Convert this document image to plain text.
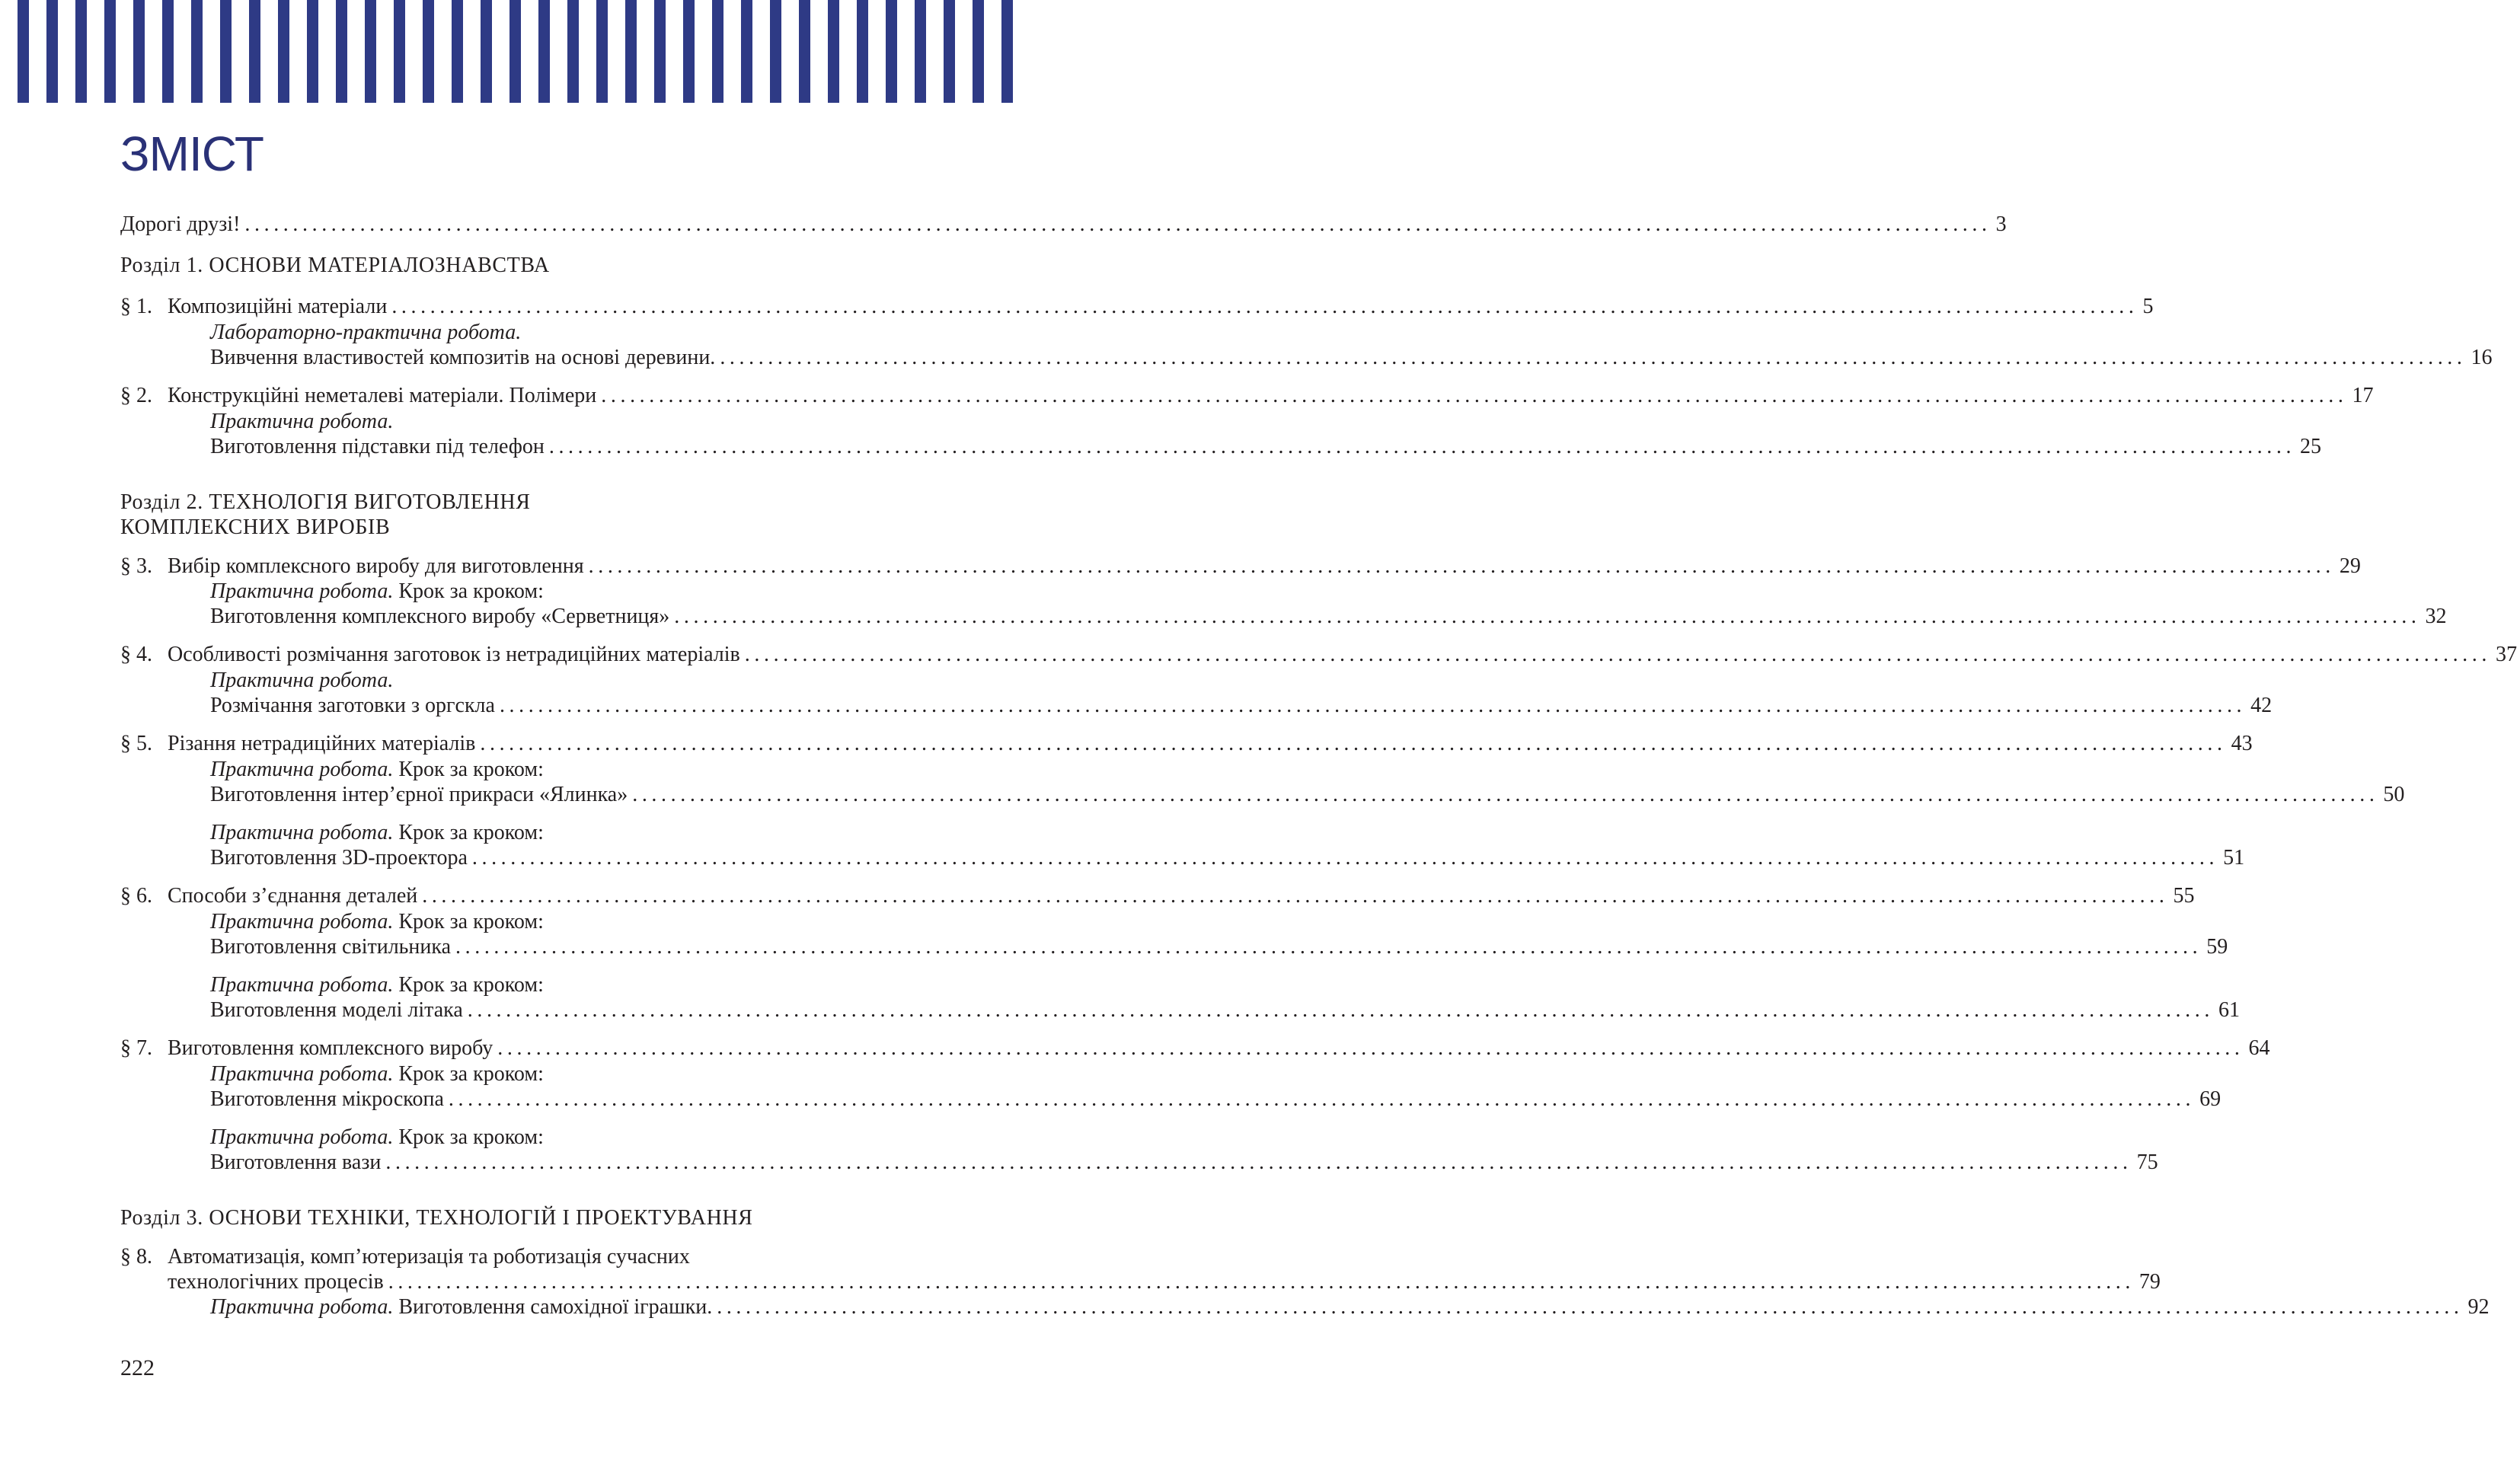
ЗМІСТ
Дорогі друзі! ...................................................................................................................................................................................... 3
Розділ 1. ОСНОВИ МАТЕРІАЛОЗНАВСТВА
§ 1. Композиційні матеріали ...................................................................................................................................................................................... 5
Лабораторно-практична робота.
Вивчення властивостей композитів на основі деревини. ...................................................................................................................................................................................... 16
§ 2. Конструкційні неметалеві матеріали. Полімери ...................................................................................................................................................................................... 17
Практична робота.
Виготовлення підставки під телефон ...................................................................................................................................................................................... 25
Розділ 2. ТЕХНОЛОГІЯ ВИГОТОВЛЕННЯ
КОМПЛЕКСНИХ ВИРОБІВ
§ 3. Вибір комплексного виробу для виготовлення ...................................................................................................................................................................................... 29
Практична робота. Крок за кроком:
Виготовлення комплексного виробу «Серветниця» ...................................................................................................................................................................................... 32
§ 4. Особливості розмічання заготовок із нетрадиційних матеріалів ...................................................................................................................................................................................... 37
Практична робота.
Розмічання заготовки з оргскла ...................................................................................................................................................................................... 42
§ 5. Різання нетрадиційних матеріалів ...................................................................................................................................................................................... 43
Практична робота. Крок за кроком:
Виготовлення інтер’єрної прикраси «Ялинка» ...................................................................................................................................................................................... 50
Практична робота. Крок за кроком:
Виготовлення 3D-проектора ...................................................................................................................................................................................... 51
§ 6. Способи з’єднання деталей ...................................................................................................................................................................................... 55
Практична робота. Крок за кроком:
Виготовлення світильника ...................................................................................................................................................................................... 59
Практична робота. Крок за кроком:
Виготовлення моделі літака ...................................................................................................................................................................................... 61
§ 7. Виготовлення комплексного виробу ...................................................................................................................................................................................... 64
Практична робота. Крок за кроком:
Виготовлення мікроскопа ...................................................................................................................................................................................... 69
Практична робота. Крок за кроком:
Виготовлення вази ...................................................................................................................................................................................... 75
Розділ 3. ОСНОВИ ТЕХНІКИ, ТЕХНОЛОГІЙ І ПРОЕКТУВАННЯ
§ 8. Автоматизація, комп’ютеризація та роботизація сучасних
технологічних процесів ...................................................................................................................................................................................... 79
Практична робота. Виготовлення самохідної іграшки. ...................................................................................................................................................................................... 92
222
